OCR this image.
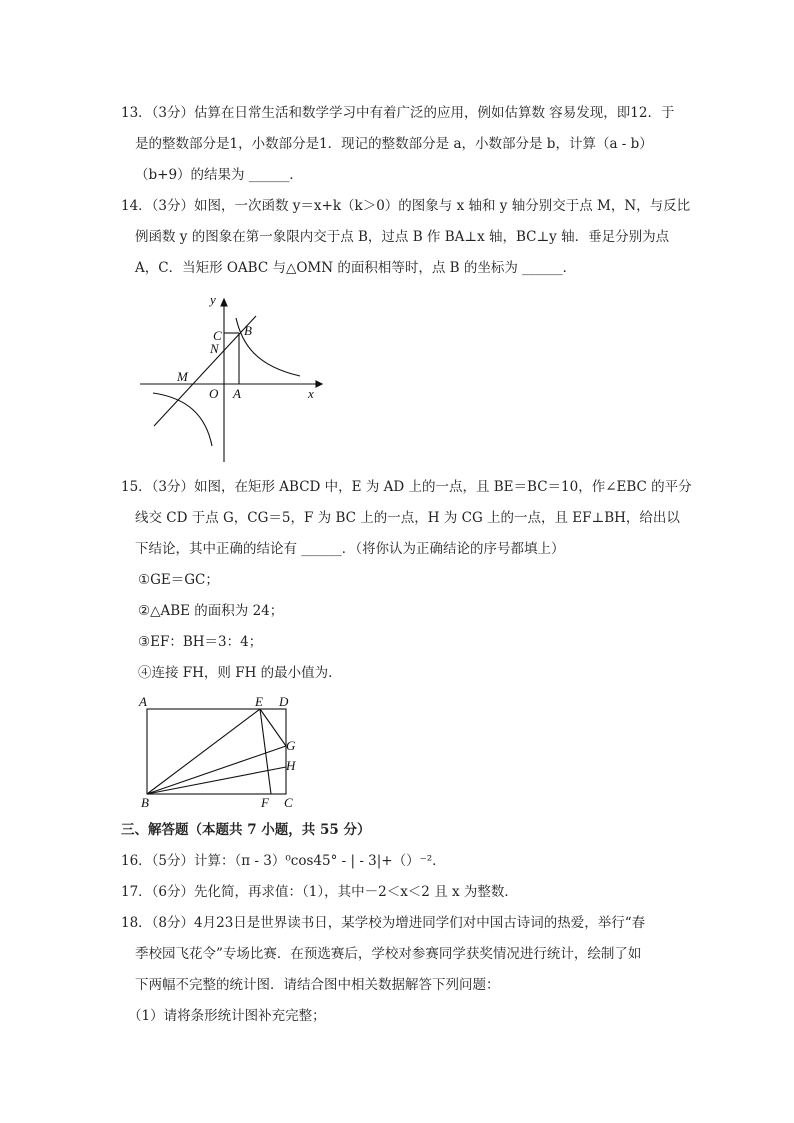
13．（3分）估算在日常生活和数学学习中有着广泛的应用，例如估算数 容易发现，即12．于
是的整数部分是1，小数部分是1．现记的整数部分是 a，小数部分是 b，计算（a - b）
（b+9）的结果为 ______．
14．（3分）如图，一次函数 y＝x+k（k＞0）的图象与 x 轴和 y 轴分别交于点 M，N，与反比
例函数 y 的图象在第一象限内交于点 B，过点 B 作 BA⊥x 轴，BC⊥y 轴．垂足分别为点
A，C．当矩形 OABC 与△OMN 的面积相等时，点 B 的坐标为 ______．
y
x
C B
N
M
O A
15．（3分）如图，在矩形 ABCD 中，E 为 AD 上的一点，且 BE＝BC＝10，作∠EBC 的平分
线交 CD 于点 G，CG＝5，F 为 BC 上的一点，H 为 CG 上的一点，且 EF⊥BH，给出以
下结论，其中正确的结论有 ______．（将你认为正确结论的序号都填上）
①GE＝GC；
②△ABE 的面积为 24；
③EF：BH＝3：4；
④连接 FH，则 FH 的最小值为．
A	E D
G
H
B	F C
三、解答题（本题共 7 小题，共 55 分）
16．（5分）计算：（π - 3）⁰cos45° - | - 3|+（）⁻²．
17．（6分）先化简，再求值：（1），其中－2＜x＜2 且 x 为整数．
18．（8分）4月23日是世界读书日，某学校为增进同学们对中国古诗词的热爱，举行“春
季校园飞花令”专场比赛．在预选赛后，学校对参赛同学获奖情况进行统计，绘制了如
下两幅不完整的统计图．请结合图中相关数据解答下列问题：
（1）请将条形统计图补充完整；
